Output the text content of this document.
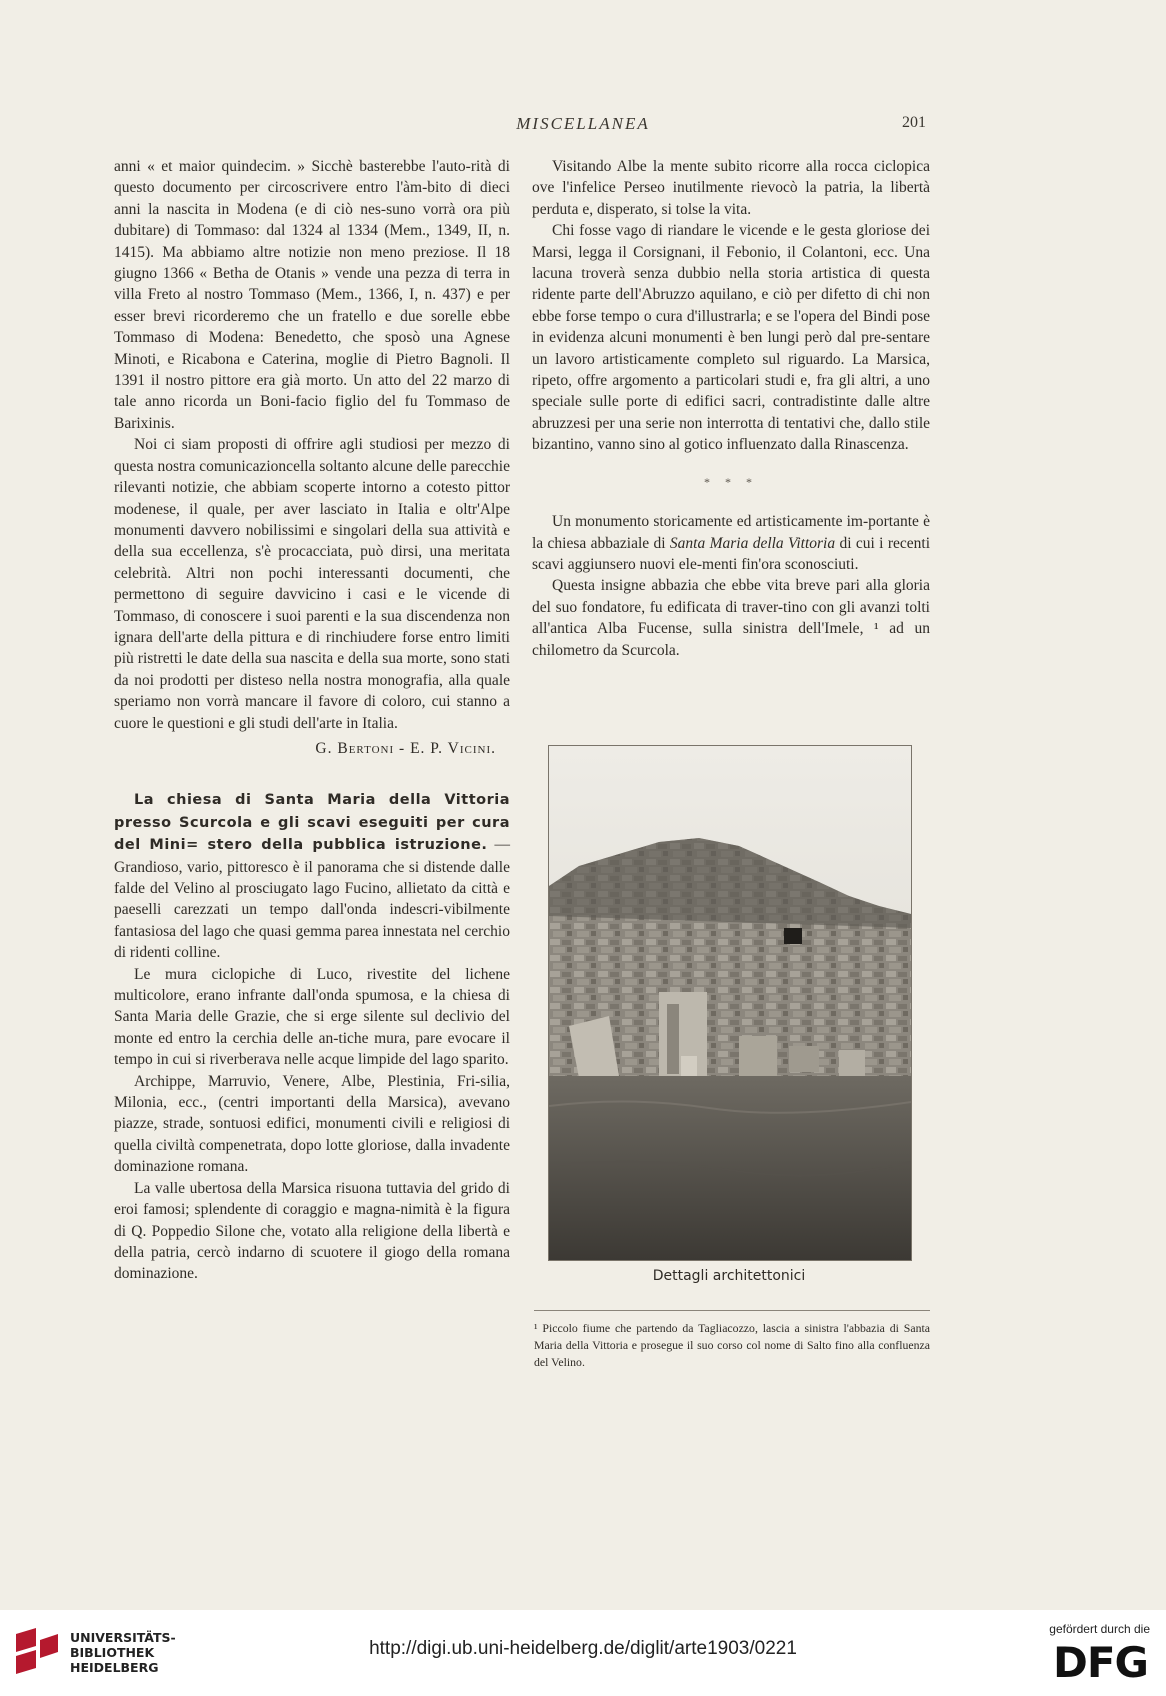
MISCELLANEA	201

anni « et maior quindecim. » Sicchè basterebbe l'auto-rità di questo documento per circoscrivere entro l'àm-bito di dieci anni la nascita in Modena (e di ciò nes-suno vorrà ora più dubitare) di Tommaso: dal 1324 al 1334 (Mem., 1349, II, n. 1415). Ma abbiamo altre notizie non meno preziose. Il 18 giugno 1366 « Betha de Otanis » vende una pezza di terra in villa Freto al nostro Tommaso (Mem., 1366, I, n. 437) e per esser brevi ricorderemo che un fratello e due sorelle ebbe Tommaso di Modena: Benedetto, che sposò una Agnese Minoti, e Ricabona e Caterina, moglie di Pietro Bagnoli. Il 1391 il nostro pittore era già morto. Un atto del 22 marzo di tale anno ricorda un Boni-facio figlio del fu Tommaso de Barixinis.

Noi ci siam proposti di offrire agli studiosi per mezzo di questa nostra comunicazioncella soltanto alcune delle parecchie rilevanti notizie, che abbiam scoperte intorno a cotesto pittor modenese, il quale, per aver lasciato in Italia e oltr'Alpe monumenti davvero nobilissimi e singolari della sua attività e della sua eccellenza, s'è procacciata, può dirsi, una meritata celebrità. Altri non pochi interessanti documenti, che permettono di seguire davvicino i casi e le vicende di Tommaso, di conoscere i suoi parenti e la sua discendenza non ignara dell'arte della pittura e di rinchiudere forse entro limiti più ristretti le date della sua nascita e della sua morte, sono stati da noi prodotti per disteso nella nostra monografia, alla quale speriamo non vorrà mancare il favore di coloro, cui stanno a cuore le questioni e gli studi dell'arte in Italia.

G. Bertoni - E. P. Vicini.

La chiesa di Santa Maria della Vittoria presso Scurcola e gli scavi eseguiti per cura del Mini= stero della pubblica istruzione. — Grandioso, vario, pittoresco è il panorama che si distende dalle falde del Velino al prosciugato lago Fucino, allietato da città e paeselli carezzati un tempo dall'onda indescri-vibilmente fantasiosa del lago che quasi gemma parea innestata nel cerchio di ridenti colline.

Le mura ciclopiche di Luco, rivestite del lichene multicolore, erano infrante dall'onda spumosa, e la chiesa di Santa Maria delle Grazie, che si erge silente sul declivio del monte ed entro la cerchia delle an-tiche mura, pare evocare il tempo in cui si riverberava nelle acque limpide del lago sparito.

Archippe, Marruvio, Venere, Albe, Plestinia, Fri-silia, Milonia, ecc., (centri importanti della Marsica), avevano piazze, strade, sontuosi edifici, monumenti civili e religiosi di quella civiltà compenetrata, dopo lotte gloriose, dalla invadente dominazione romana.

La valle ubertosa della Marsica risuona tuttavia del grido di eroi famosi; splendente di coraggio e magna-nimità è la figura di Q. Poppedio Silone che, votato alla religione della libertà e della patria, cercò indarno di scuotere il giogo della romana dominazione.

Visitando Albe la mente subito ricorre alla rocca ciclopica ove l'infelice Perseo inutilmente rievocò la patria, la libertà perduta e, disperato, si tolse la vita.

Chi fosse vago di riandare le vicende e le gesta gloriose dei Marsi, legga il Corsignani, il Febonio, il Colantoni, ecc. Una lacuna troverà senza dubbio nella storia artistica di questa ridente parte dell'Abruzzo aquilano, e ciò per difetto di chi non ebbe forse tempo o cura d'illustrarla; e se l'opera del Bindi pose in evidenza alcuni monumenti è ben lungi però dal pre-sentare un lavoro artisticamente completo sul riguardo. La Marsica, ripeto, offre argomento a particolari studi e, fra gli altri, a uno speciale sulle porte di edifici sacri, contradistinte dalle altre abruzzesi per una serie non interrotta di tentativi che, dallo stile bizantino, vanno sino al gotico influenzato dalla Rinascenza.

* * *

Un monumento storicamente ed artisticamente im-portante è la chiesa abbaziale di Santa Maria della Vittoria di cui i recenti scavi aggiunsero nuovi ele-menti fin'ora sconosciuti.

Questa insigne abbazia che ebbe vita breve pari alla gloria del suo fondatore, fu edificata di traver-tino con gli avanzi tolti all'antica Alba Fucense, sulla sinistra dell'Imele, ¹ ad un chilometro da Scurcola.

Dettagli architettonici
¹ Piccolo fiume che partendo da Tagliacozzo, lascia a sinistra l'abbazia di Santa Maria della Vittoria e prosegue il suo corso col nome di Salto fino alla confluenza del Velino.
UNIVERSITÄTS-
BIBLIOTHEK
HEIDELBERG
http://digi.ub.uni-heidelberg.de/diglit/arte1903/0221
gefördert durch die
DFG
